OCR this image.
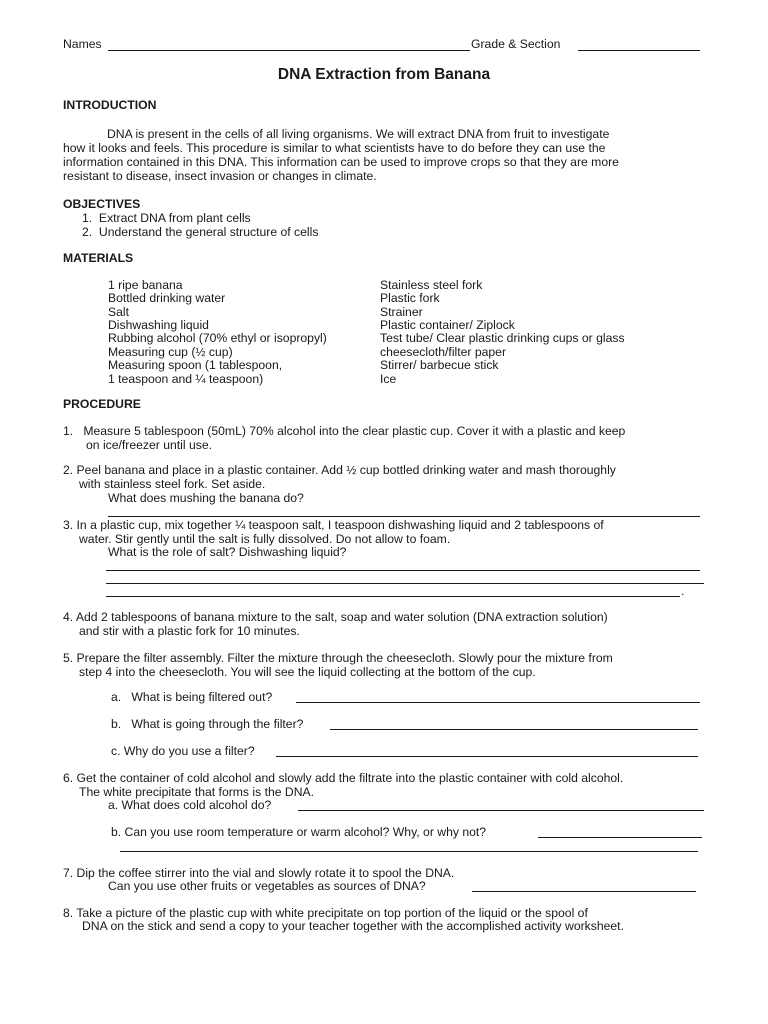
Names	Grade & Section
DNA Extraction from Banana
INTRODUCTION
DNA is present in the cells of all living organisms. We will extract DNA from fruit to investigate
how it looks and feels. This procedure is similar to what scientists have to do before they can use the
information contained in this DNA. This information can be used to improve crops so that they are more
resistant to disease, insect invasion or changes in climate.
OBJECTIVES
1.  Extract DNA from plant cells
2.  Understand the general structure of cells
MATERIALS
1 ripe banana
Bottled drinking water
Salt
Dishwashing liquid
Rubbing alcohol (70% ethyl or isopropyl)
Measuring cup (½ cup)
Measuring spoon (1 tablespoon,
1 teaspoon and ¼ teaspoon)
Stainless steel fork
Plastic fork
Strainer
Plastic container/ Ziplock
Test tube/ Clear plastic drinking cups or glass
cheesecloth/filter paper
Stirrer/ barbecue stick
Ice
PROCEDURE
1.   Measure 5 tablespoon (50mL) 70% alcohol into the clear plastic cup. Cover it with a plastic and keep
on ice/freezer until use.
2. Peel banana and place in a plastic container. Add ½ cup bottled drinking water and mash thoroughly
with stainless steel fork. Set aside.
What does mushing the banana do?
3. In a plastic cup, mix together ¼ teaspoon salt, I teaspoon dishwashing liquid and 2 tablespoons of
water. Stir gently until the salt is fully dissolved. Do not allow to foam.
What is the role of salt? Dishwashing liquid?
.
4. Add 2 tablespoons of banana mixture to the salt, soap and water solution (DNA extraction solution)
and stir with a plastic fork for 10 minutes.
5. Prepare the filter assembly. Filter the mixture through the cheesecloth. Slowly pour the mixture from
step 4 into the cheesecloth. You will see the liquid collecting at the bottom of the cup.
a.   What is being filtered out?
b.   What is going through the filter?
c. Why do you use a filter?
6. Get the container of cold alcohol and slowly add the filtrate into the plastic container with cold alcohol.
The white precipitate that forms is the DNA.
a. What does cold alcohol do?
b. Can you use room temperature or warm alcohol? Why, or why not?
7. Dip the coffee stirrer into the vial and slowly rotate it to spool the DNA.
Can you use other fruits or vegetables as sources of DNA?
8. Take a picture of the plastic cup with white precipitate on top portion of the liquid or the spool of
DNA on the stick and send a copy to your teacher together with the accomplished activity worksheet.
